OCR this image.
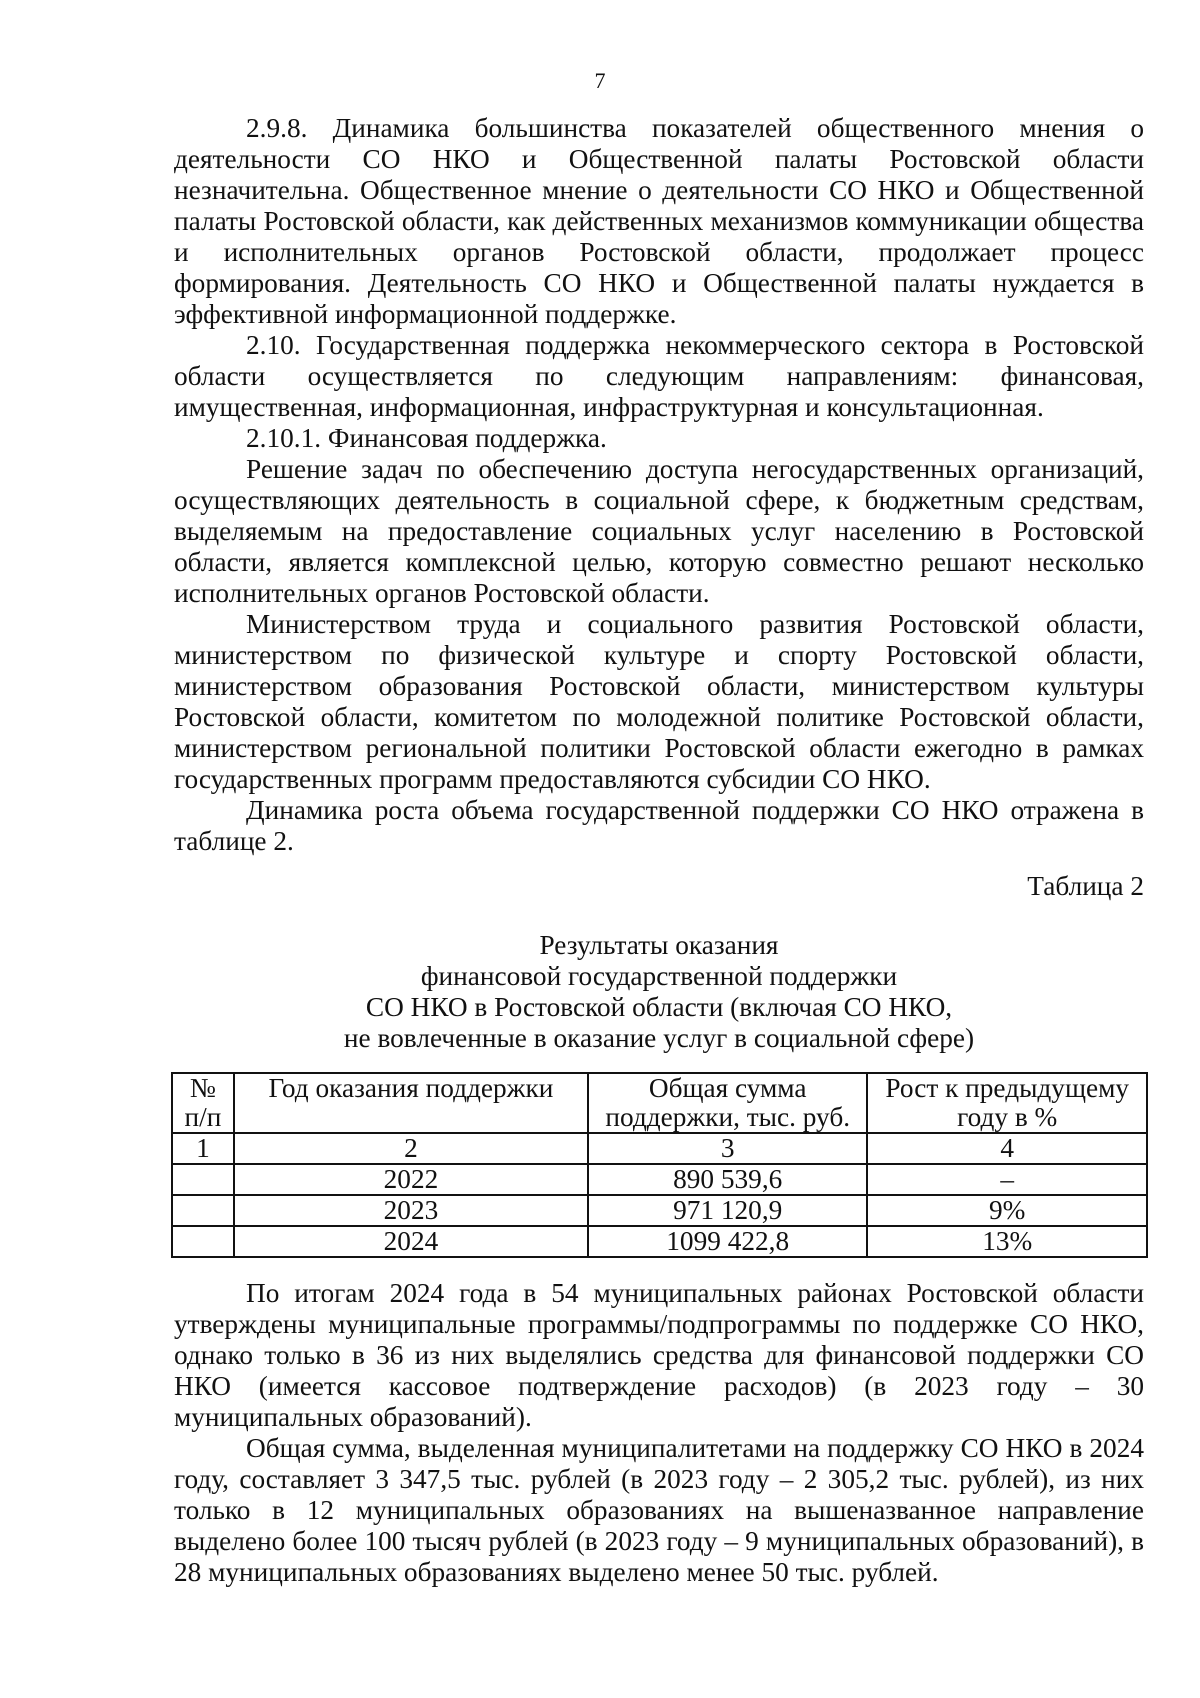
7

2.9.8. Динамика большинства показателей общественного мнения о деятельности СО НКО и Общественной палаты Ростовской области незначительна. Общественное мнение о деятельности СО НКО и Общественной палаты Ростовской области, как действенных механизмов коммуникации общества и исполнительных органов Ростовской области, продолжает процесс формирования. Деятельность СО НКО и Общественной палаты нуждается в эффективной информационной поддержке.

2.10. Государственная поддержка некоммерческого сектора в Ростовской области осуществляется по следующим направлениям: финансовая, имущественная, информационная, инфраструктурная и консультационная.

2.10.1. Финансовая поддержка.

Решение задач по обеспечению доступа негосударственных организаций, осуществляющих деятельность в социальной сфере, к бюджетным средствам, выделяемым на предоставление социальных услуг населению в Ростовской области, является комплексной целью, которую совместно решают несколько исполнительных органов Ростовской области.

Министерством труда и социального развития Ростовской области, министерством по физической культуре и спорту Ростовской области, министерством образования Ростовской области, министерством культуры Ростовской области, комитетом по молодежной политике Ростовской области, министерством региональной политики Ростовской области ежегодно в рамках государственных программ предоставляются субсидии СО НКО.

Динамика роста объема государственной поддержки СО НКО отражена в таблице 2.

Таблица 2
Результаты оказания
финансовой государственной поддержки
СО НКО в Ростовской области (включая СО НКО,
не вовлеченные в оказание услуг в социальной сфере)
№ п/п	Год оказания поддержки	Общая сумма поддержки, тыс. руб.	Рост к предыдущему году в %
1	2	3	4
	2022	890 539,6	–
	2023	971 120,9	9%
	2024	1099 422,8	13%

По итогам 2024 года в 54 муниципальных районах Ростовской области утверждены муниципальные программы/подпрограммы по поддержке СО НКО, однако только в 36 из них выделялись средства для финансовой поддержки СО НКО (имеется кассовое подтверждение расходов) (в 2023 году – 30 муниципальных образований).

Общая сумма, выделенная муниципалитетами на поддержку СО НКО в 2024 году, составляет 3 347,5 тыс. рублей (в 2023 году – 2 305,2 тыс. рублей), из них только в 12 муниципальных образованиях на вышеназванное направление выделено более 100 тысяч рублей (в 2023 году – 9 муниципальных образований), в 28 муниципальных образованиях выделено менее 50 тыс. рублей.
